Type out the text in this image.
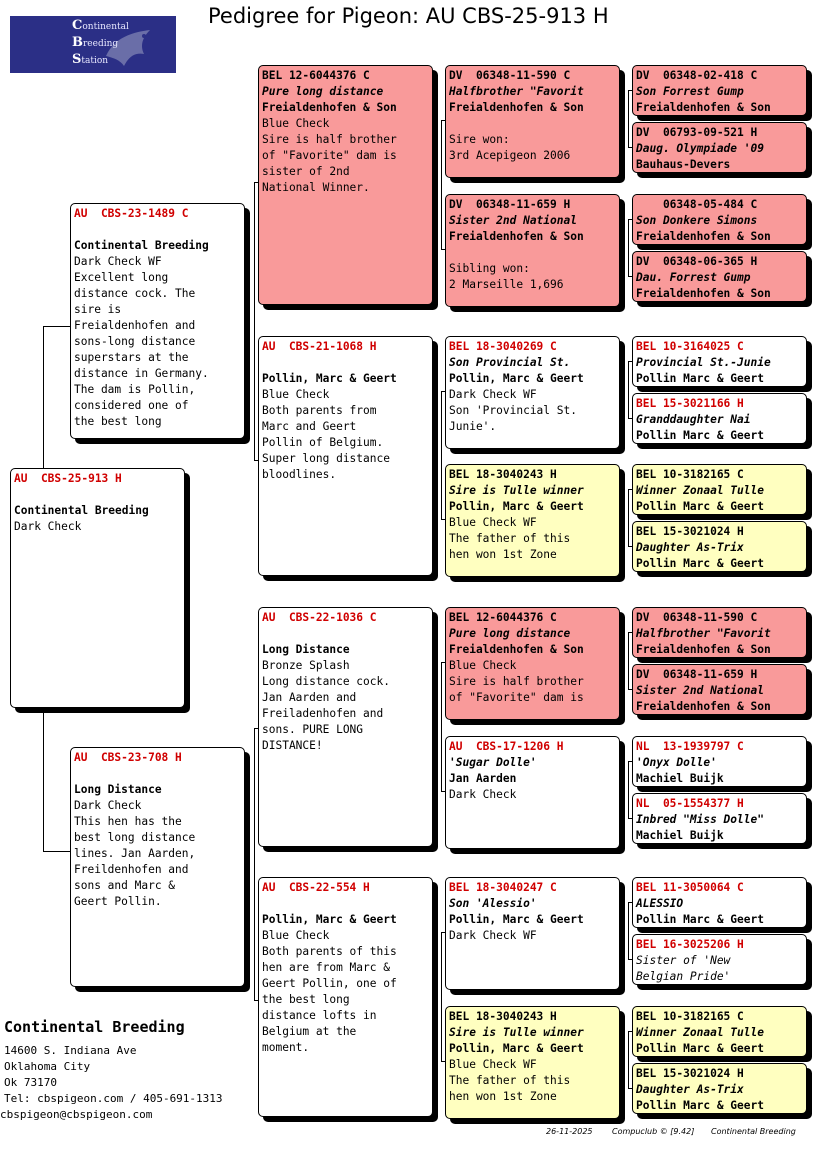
Continental
Breeding
Station
Pedigree for Pigeon: AU CBS-25-913 H
AU  CBS-25-913 H
Continental Breeding
Dark Check
AU  CBS-23-1489 C
Continental Breeding
Dark Check WF
Excellent long
distance cock. The
sire is
Freialdenhofen and
sons-long distance
superstars at the
distance in Germany.
The dam is Pollin,
considered one of
the best long
AU  CBS-23-708 H
Long Distance
Dark Check
This hen has the
best long distance
lines. Jan Aarden,
Freildenhofen and
sons and Marc &
Geert Pollin.
BEL 12-6044376 C
Pure long distance
Freialdenhofen & Son
Blue Check
Sire is half brother
of "Favorite" dam is
sister of 2nd
National Winner.
AU  CBS-21-1068 H
Pollin, Marc & Geert
Blue Check
Both parents from
Marc and Geert
Pollin of Belgium.
Super long distance
bloodlines.
AU  CBS-22-1036 C
Long Distance
Bronze Splash
Long distance cock.
Jan Aarden and
Freiladenhofen and
sons. PURE LONG
DISTANCE!
AU  CBS-22-554 H
Pollin, Marc & Geert
Blue Check
Both parents of this
hen are from Marc &
Geert Pollin, one of
the best long
distance lofts in
Belgium at the
moment.
DV  06348-11-590 C
Halfbrother "Favorit
Freialdenhofen & Son
Sire won:
3rd Acepigeon 2006
DV  06348-11-659 H
Sister 2nd National
Freialdenhofen & Son
Sibling won:
2 Marseille 1,696
BEL 18-3040269 C
Son Provincial St.
Pollin, Marc & Geert
Dark Check WF
Son 'Provincial St.
Junie'.
BEL 18-3040243 H
Sire is Tulle winner
Pollin, Marc & Geert
Blue Check WF
The father of this
hen won 1st Zone
BEL 12-6044376 C
Pure long distance
Freialdenhofen & Son
Blue Check
Sire is half brother
of "Favorite" dam is
AU  CBS-17-1206 H
'Sugar Dolle'
Jan Aarden
Dark Check
BEL 18-3040247 C
Son 'Alessio'
Pollin, Marc & Geert
Dark Check WF
BEL 18-3040243 H
Sire is Tulle winner
Pollin, Marc & Geert
Blue Check WF
The father of this
hen won 1st Zone
DV  06348-02-418 C
Son Forrest Gump
Freialdenhofen & Son
DV  06793-09-521 H
Daug. Olympiade '09
Bauhaus-Devers
06348-05-484 C
Son Donkere Simons
Freialdenhofen & Son
DV  06348-06-365 H
Dau. Forrest Gump
Freialdenhofen & Son
BEL 10-3164025 C
Provincial St.-Junie
Pollin Marc & Geert
BEL 15-3021166 H
Granddaughter Nai
Pollin Marc & Geert
BEL 10-3182165 C
Winner Zonaal Tulle
Pollin Marc & Geert
BEL 15-3021024 H
Daughter As-Trix
Pollin Marc & Geert
DV  06348-11-590 C
Halfbrother "Favorit
Freialdenhofen & Son
DV  06348-11-659 H
Sister 2nd National
Freialdenhofen & Son
NL  13-1939797 C
'Onyx Dolle'
Machiel Buijk
NL  05-1554377 H
Inbred "Miss Dolle"
Machiel Buijk
BEL 11-3050064 C
ALESSIO
Pollin Marc & Geert
BEL 16-3025206 H
Sister of 'New
Belgian Pride'
BEL 10-3182165 C
Winner Zonaal Tulle
Pollin Marc & Geert
BEL 15-3021024 H
Daughter As-Trix
Pollin Marc & Geert
Continental Breeding
14600 S. Indiana Ave
Oklahoma City
Ok 73170
Tel: cbspigeon.com / 405-691-1313
cbspigeon@cbspigeon.com
26-11-2025 Compuclub © [9.42] Continental Breeding
